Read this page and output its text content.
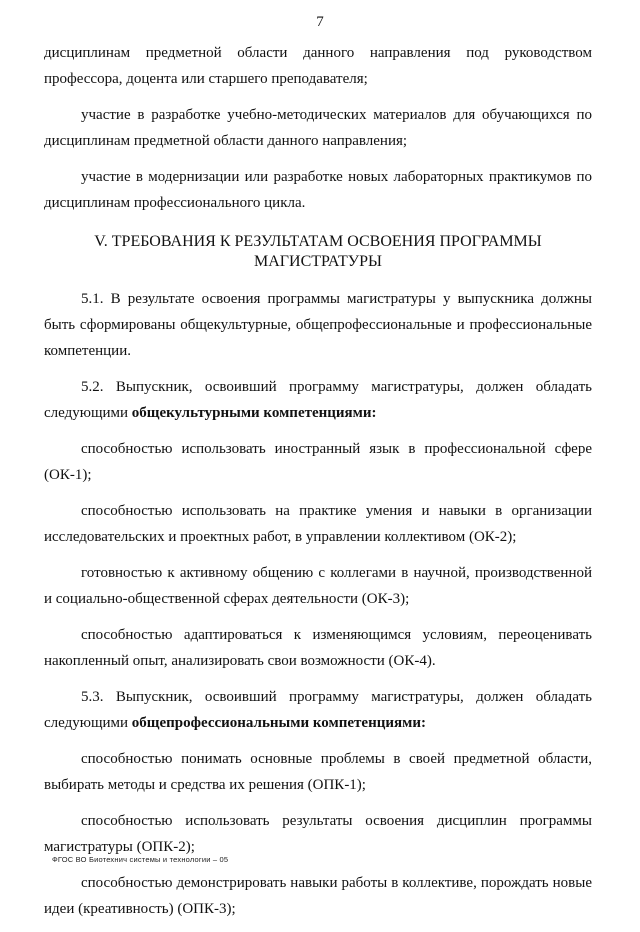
7

дисциплинам предметной области данного направления под руководством профессора, доцента или старшего преподавателя;

участие в разработке учебно-методических материалов для обучающихся по дисциплинам предметной области данного направления;

участие в модернизации или разработке новых лабораторных практикумов по дисциплинам профессионального цикла.

V. ТРЕБОВАНИЯ К РЕЗУЛЬТАТАМ ОСВОЕНИЯ ПРОГРАММЫ МАГИСТРАТУРЫ

5.1. В результате освоения программы магистратуры у выпускника должны быть сформированы общекультурные, общепрофессиональные и профессиональные компетенции.

5.2. Выпускник, освоивший программу магистратуры, должен обладать следующими общекультурными компетенциями:

способностью использовать иностранный язык в профессиональной сфере (ОК-1);

способностью использовать на практике умения и навыки в организации исследовательских и проектных работ, в управлении коллективом (ОК-2);

готовностью к активному общению с коллегами в научной, производственной и социально-общественной сферах деятельности (ОК-3);

способностью адаптироваться к изменяющимся условиям, переоценивать накопленный опыт, анализировать свои возможности (ОК-4).

5.3. Выпускник, освоивший программу магистратуры, должен обладать следующими общепрофессиональными компетенциями:

способностью понимать основные проблемы в своей предметной области, выбирать методы и средства их решения (ОПК-1);

способностью использовать результаты освоения дисциплин программы магистратуры (ОПК-2);

способностью демонстрировать навыки работы в коллективе, порождать новые идеи (креативность) (ОПК-3);

ФГОС ВО Биотехнич системы и технологии – 05
